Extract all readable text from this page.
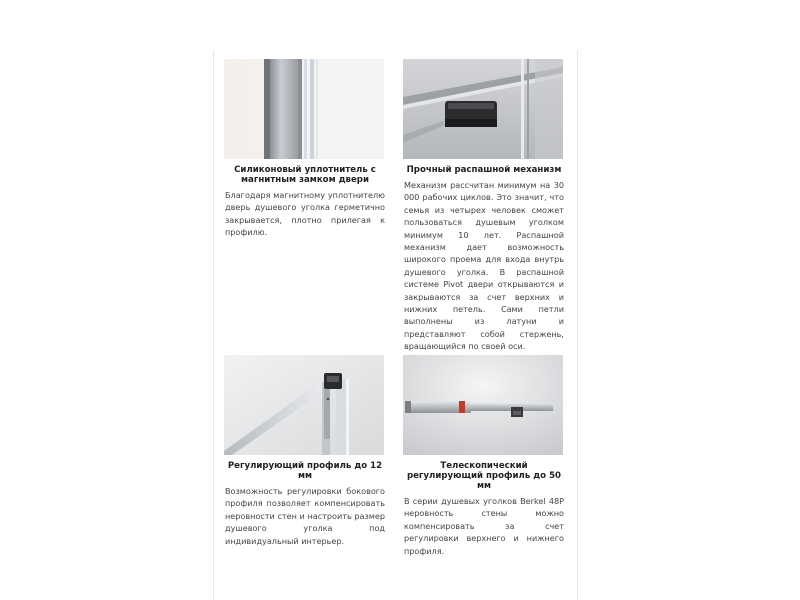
Силиконовый уплотнитель с магнитным замком двери

Благодаря магнитному уплотнителю дверь душевого уголка герметично закрывается, плотно прилегая к профилю.

Прочный распашной механизм

Механизм рассчитан минимум на 30 000 рабочих циклов. Это значит, что семья из четырех человек сможет пользоваться душевым уголком минимум 10 лет. Распашной механизм дает возможность широкого проема для входа внутрь душевого уголка. В распашной системе Pivot двери открываются и закрываются за счет верхних и нижних петель. Сами петли выполнены из латуни и представляют собой стержень, вращающийся по своей оси.

Регулирующий профиль до 12 мм

Возможность регулировки бокового профиля позволяет компенсировать неровности стен и настроить размер душевого уголка под индивидуальный интерьер.

Телескопический регулирующий профиль до 50 мм

В серии душевых уголков Berkel 48P неровность стены можно компенсировать за счет регулировки верхнего и нижнего профиля.
